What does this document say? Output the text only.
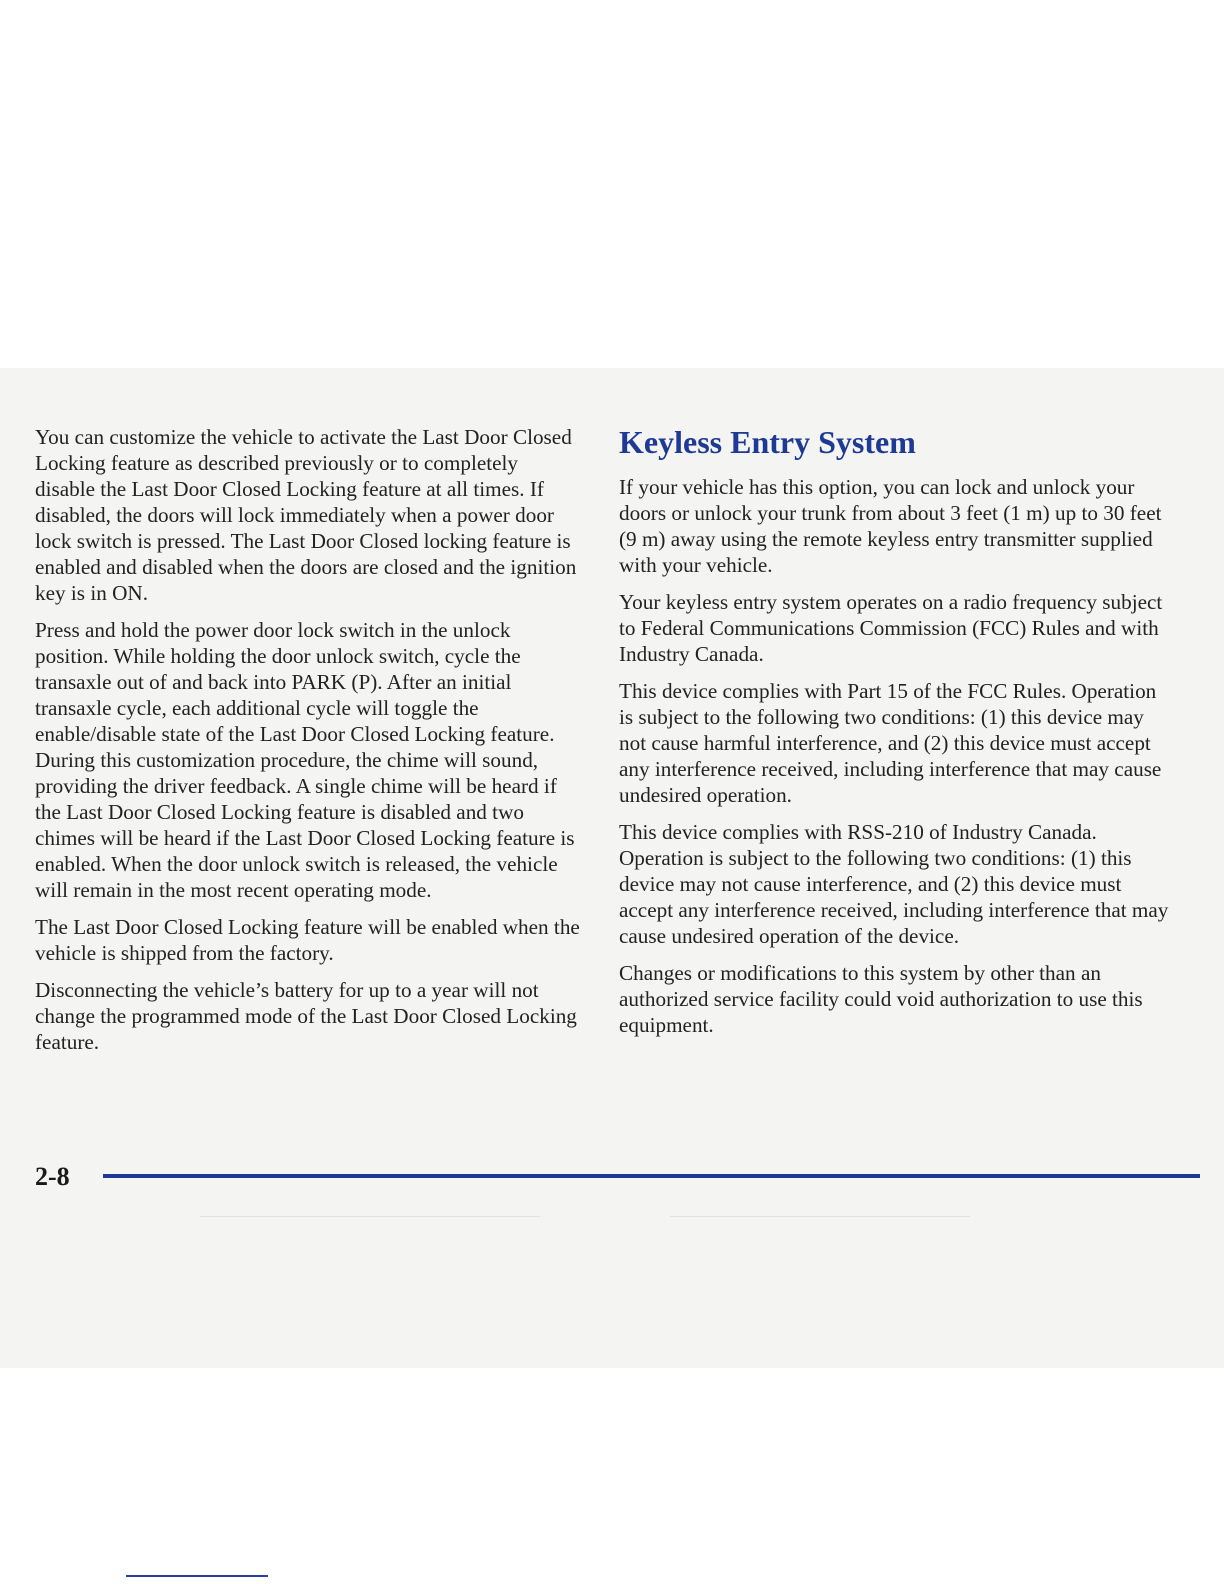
You can customize the vehicle to activate the Last Door Closed Locking feature as described previously or to completely disable the Last Door Closed Locking feature at all times. If disabled, the doors will lock immediately when a power door lock switch is pressed. The Last Door Closed locking feature is enabled and disabled when the doors are closed and the ignition key is in ON.

Press and hold the power door lock switch in the unlock position. While holding the door unlock switch, cycle the transaxle out of and back into PARK (P). After an initial transaxle cycle, each additional cycle will toggle the enable/disable state of the Last Door Closed Locking feature. During this customization procedure, the chime will sound, providing the driver feedback. A single chime will be heard if the Last Door Closed Locking feature is disabled and two chimes will be heard if the Last Door Closed Locking feature is enabled. When the door unlock switch is released, the vehicle will remain in the most recent operating mode.

The Last Door Closed Locking feature will be enabled when the vehicle is shipped from the factory.

Disconnecting the vehicle’s battery for up to a year will not change the programmed mode of the Last Door Closed Locking feature.

Keyless Entry System

If your vehicle has this option, you can lock and unlock your doors or unlock your trunk from about 3 feet (1 m) up to 30 feet (9 m) away using the remote keyless entry transmitter supplied with your vehicle.

Your keyless entry system operates on a radio frequency subject to Federal Communications Commission (FCC) Rules and with Industry Canada.

This device complies with Part 15 of the FCC Rules. Operation is subject to the following two conditions: (1) this device may not cause harmful interference, and (2) this device must accept any interference received, including interference that may cause undesired operation.

This device complies with RSS-210 of Industry Canada. Operation is subject to the following two conditions: (1) this device may not cause interference, and (2) this device must accept any interference received, including interference that may cause undesired operation of the device.

Changes or modifications to this system by other than an authorized service facility could void authorization to use this equipment.

2-8
